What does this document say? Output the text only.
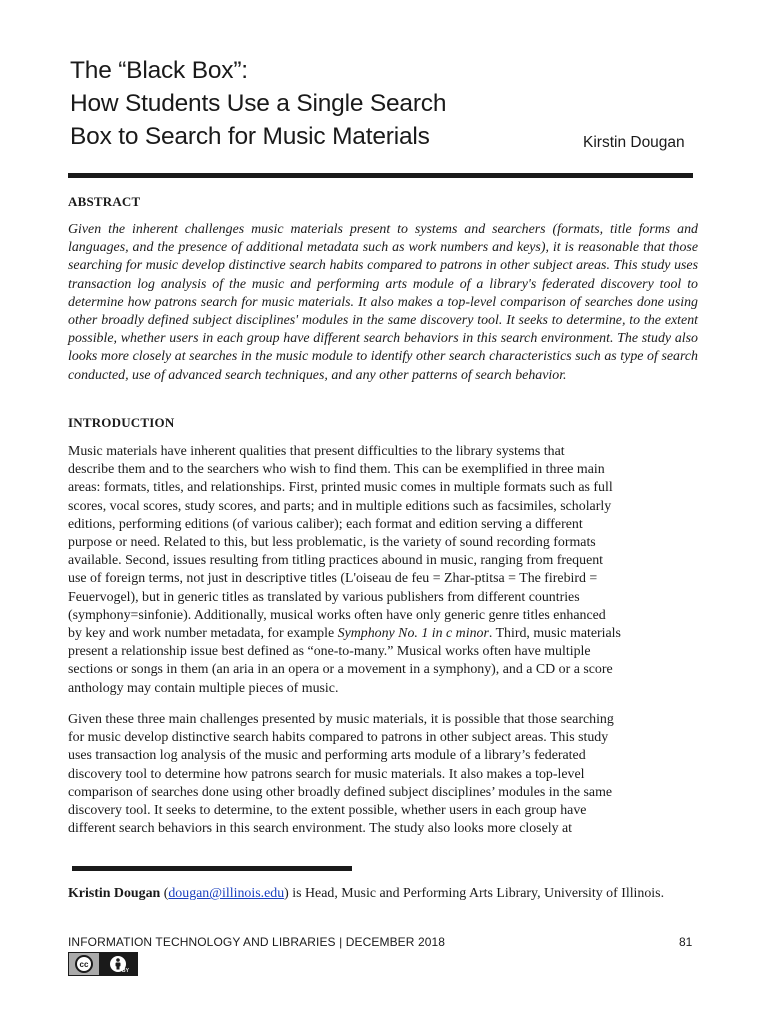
The “Black Box”:
How Students Use a Single Search
Box to Search for Music Materials	Kirstin Dougan
ABSTRACT
Given the inherent challenges music materials present to systems and searchers (formats, title forms and languages, and the presence of additional metadata such as work numbers and keys), it is reasonable that those searching for music develop distinctive search habits compared to patrons in other subject areas. This study uses transaction log analysis of the music and performing arts module of a library's federated discovery tool to determine how patrons search for music materials. It also makes a top-level comparison of searches done using other broadly defined subject disciplines' modules in the same discovery tool. It seeks to determine, to the extent possible, whether users in each group have different search behaviors in this search environment. The study also looks more closely at searches in the music module to identify other search characteristics such as type of search conducted, use of advanced search techniques, and any other patterns of search behavior.
INTRODUCTION
Music materials have inherent qualities that present difficulties to the library systems that
describe them and to the searchers who wish to find them. This can be exemplified in three main
areas: formats, titles, and relationships. First, printed music comes in multiple formats such as full
scores, vocal scores, study scores, and parts; and in multiple editions such as facsimiles, scholarly
editions, performing editions (of various caliber); each format and edition serving a different
purpose or need. Related to this, but less problematic, is the variety of sound recording formats
available. Second, issues resulting from titling practices abound in music, ranging from frequent
use of foreign terms, not just in descriptive titles (L'oiseau de feu = Zhar-ptitsa = The firebird =
Feuervogel), but in generic titles as translated by various publishers from different countries
(symphony=sinfonie). Additionally, musical works often have only generic genre titles enhanced
by key and work number metadata, for example Symphony No. 1 in c minor. Third, music materials
present a relationship issue best defined as “one-to-many.” Musical works often have multiple
sections or songs in them (an aria in an opera or a movement in a symphony), and a CD or a score
anthology may contain multiple pieces of music.
Given these three main challenges presented by music materials, it is possible that those searching
for music develop distinctive search habits compared to patrons in other subject areas. This study
uses transaction log analysis of the music and performing arts module of a library’s federated
discovery tool to determine how patrons search for music materials. It also makes a top-level
comparison of searches done using other broadly defined subject disciplines’ modules in the same
discovery tool. It seeks to determine, to the extent possible, whether users in each group have
different search behaviors in this search environment. The study also looks more closely at
Kristin Dougan (dougan@illinois.edu) is Head, Music and Performing Arts Library, University of Illinois.
INFORMATION TECHNOLOGY AND LIBRARIES | DECEMBER 2018	81
cc
BY
